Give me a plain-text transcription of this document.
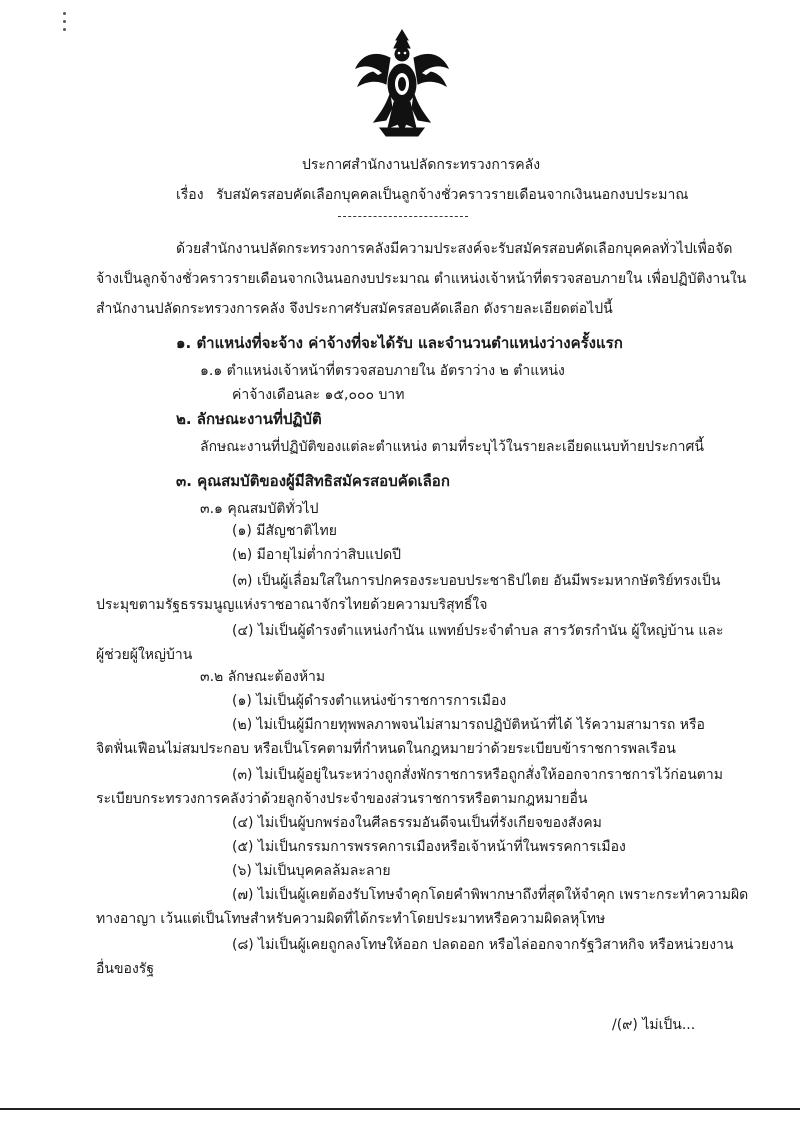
ประกาศสำนักงานปลัดกระทรวงการคลัง
เรื่อง รับสมัครสอบคัดเลือกบุคคลเป็นลูกจ้างชั่วคราวรายเดือนจากเงินนอกงบประมาณ
ด้วยสำนักงานปลัดกระทรวงการคลังมีความประสงค์จะรับสมัครสอบคัดเลือกบุคคลทั่วไปเพื่อจัด
จ้างเป็นลูกจ้างชั่วคราวรายเดือนจากเงินนอกงบประมาณ ตำแหน่งเจ้าหน้าที่ตรวจสอบภายใน เพื่อปฏิบัติงานใน
สำนักงานปลัดกระทรวงการคลัง จึงประกาศรับสมัครสอบคัดเลือก ดังรายละเอียดต่อไปนี้
๑. ตำแหน่งที่จะจ้าง ค่าจ้างที่จะได้รับ และจำนวนตำแหน่งว่างครั้งแรก
๑.๑ ตำแหน่งเจ้าหน้าที่ตรวจสอบภายใน อัตราว่าง ๒ ตำแหน่ง
ค่าจ้างเดือนละ ๑๕,๐๐๐ บาท
๒. ลักษณะงานที่ปฏิบัติ
ลักษณะงานที่ปฏิบัติของแต่ละตำแหน่ง ตามที่ระบุไว้ในรายละเอียดแนบท้ายประกาศนี้
๓. คุณสมบัติของผู้มีสิทธิสมัครสอบคัดเลือก
๓.๑ คุณสมบัติทั่วไป
(๑) มีสัญชาติไทย
(๒) มีอายุไม่ต่ำกว่าสิบแปดปี
(๓) เป็นผู้เลื่อมใสในการปกครองระบอบประชาธิปไตย อันมีพระมหากษัตริย์ทรงเป็น
ประมุขตามรัฐธรรมนูญแห่งราชอาณาจักรไทยด้วยความบริสุทธิ์ใจ
(๔) ไม่เป็นผู้ดำรงตำแหน่งกำนัน แพทย์ประจำตำบล สารวัตรกำนัน ผู้ใหญ่บ้าน และ
ผู้ช่วยผู้ใหญ่บ้าน
๓.๒ ลักษณะต้องห้าม
(๑) ไม่เป็นผู้ดำรงตำแหน่งข้าราชการการเมือง
(๒) ไม่เป็นผู้มีกายทุพพลภาพจนไม่สามารถปฏิบัติหน้าที่ได้ ไร้ความสามารถ หรือ
จิตฟั่นเฟือนไม่สมประกอบ หรือเป็นโรคตามที่กำหนดในกฎหมายว่าด้วยระเบียบข้าราชการพลเรือน
(๓) ไม่เป็นผู้อยู่ในระหว่างถูกสั่งพักราชการหรือถูกสั่งให้ออกจากราชการไว้ก่อนตาม
ระเบียบกระทรวงการคลังว่าด้วยลูกจ้างประจำของส่วนราชการหรือตามกฎหมายอื่น
(๔) ไม่เป็นผู้บกพร่องในศีลธรรมอันดีจนเป็นที่รังเกียจของสังคม
(๕) ไม่เป็นกรรมการพรรคการเมืองหรือเจ้าหน้าที่ในพรรคการเมือง
(๖) ไม่เป็นบุคคลล้มละลาย
(๗) ไม่เป็นผู้เคยต้องรับโทษจำคุกโดยคำพิพากษาถึงที่สุดให้จำคุก เพราะกระทำความผิด
ทางอาญา เว้นแต่เป็นโทษสำหรับความผิดที่ได้กระทำโดยประมาทหรือความผิดลหุโทษ
(๘) ไม่เป็นผู้เคยถูกลงโทษให้ออก ปลดออก หรือไล่ออกจากรัฐวิสาหกิจ หรือหน่วยงาน
อื่นของรัฐ
/(๙) ไม่เป็น...
